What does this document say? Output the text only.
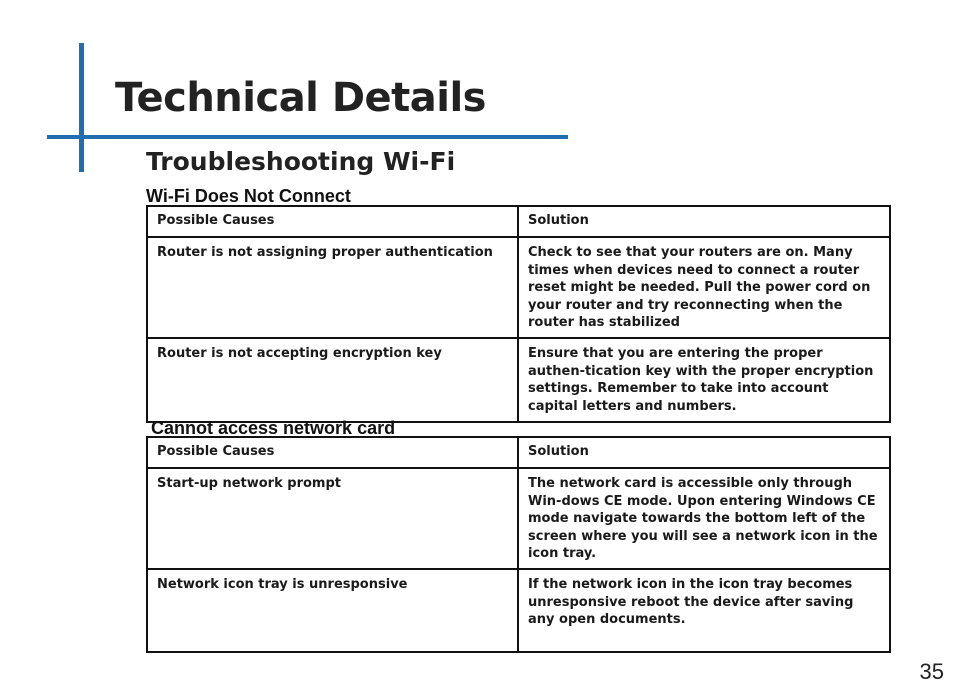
Technical Details
Troubleshooting Wi-Fi
Wi-Fi Does Not Connect
Possible Causes	Solution
Router is not assigning proper authentication	Check to see that your routers are on. Many times when devices need to connect a router reset might be needed. Pull the power cord on your router and try reconnecting when the router has stabilized
Router is not accepting encryption key	Ensure that you are entering the proper authen-tication key with the proper encryption settings. Remember to take into account capital letters and numbers.
Cannot access network card
Possible Causes	Solution
Start-up network prompt	The network card is accessible only through Win-dows CE mode. Upon entering Windows CE mode navigate towards the bottom left of the screen where you will see a network icon in the icon tray.
Network icon tray is unresponsive	If the network icon in the icon tray becomes unresponsive reboot the device after saving any open documents.
35
